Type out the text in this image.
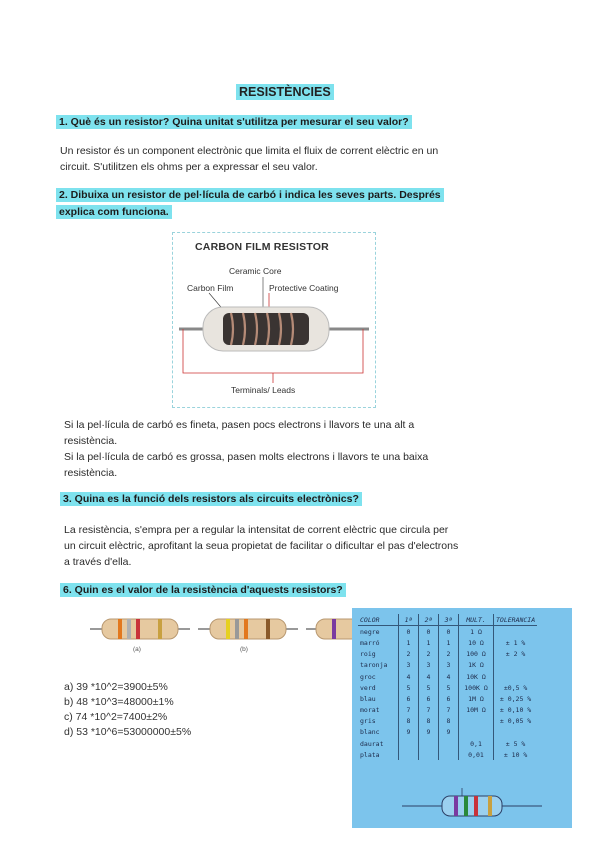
RESISTÈNCIES
1. Què és un resistor? Quina unitat s'utilitza per mesurar el seu valor?
Un resistor és un component electrònic que limita el fluix de corrent elèctric en un
circuit. S'utilitzen els ohms per a expressar el seu valor.
2. Dibuixa un resistor de pel·lícula de carbó i indica les seves parts. Després
explica com funciona.
CARBON FILM RESISTOR
Ceramic Core
Carbon Film	Protective Coating
Terminals/ Leads
Si la pel·lícula de carbó es fineta, pasen pocs electrons i llavors te una alt a
resistència.
Si la pel·lícula de carbó es grossa, pasen molts electrons i llavors te una baixa
resistència.
3. Quina es la funció dels resistors als circuits electrònics?
La resistència, s'empra per a regular la intensitat de corrent elèctric que circula per
un circuit elèctric, aprofitant la seua propietat de facilitar o dificultar el pas d'electrons
a través d'ella.
6. Quin es el valor de la resistència d'aquests resistors?
(a)	(b)
a) 39 *10^2=3900±5%
b) 48 *10^3=48000±1%
c) 74 *10^2=7400±2%
d) 53 *10^6=53000000±5%
COLOR	1ª	2ª	3ª	MULT.	TOLERANCIA
negre	0	0	0	1 Ω	
marró	1	1	1	10 Ω	± 1 %
roig	2	2	2	100 Ω	± 2 %
taronja	3	3	3	1K Ω	
groc	4	4	4	10K Ω	
verd	5	5	5	100K Ω	±0,5 %
blau	6	6	6	1M Ω	± 0,25 %
morat	7	7	7	10M Ω	± 0,10 %
gris	8	8	8		± 0,05 %
blanc	9	9	9		
daurat				0,1	± 5 %
plata				0,01	± 10 %
